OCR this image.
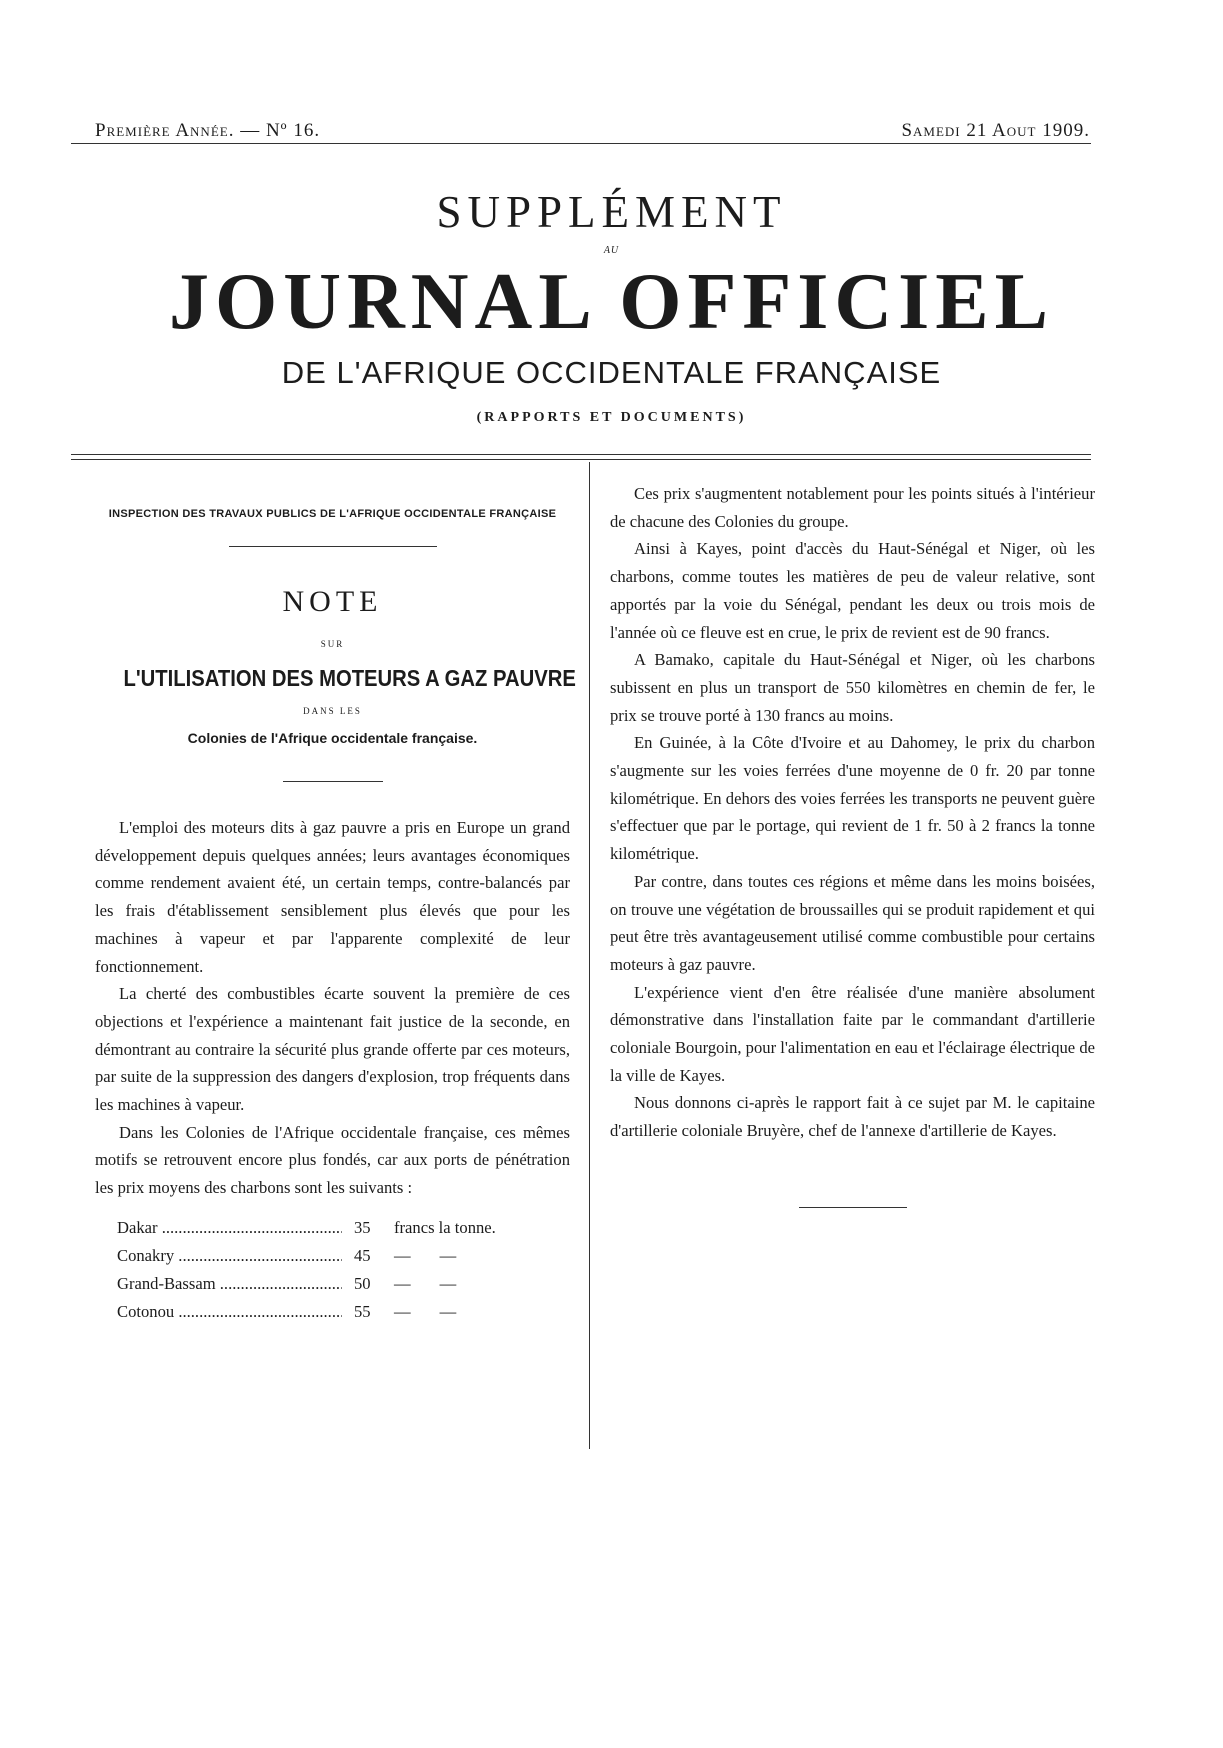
Première Année. — Nº 16.	Samedi 21 Aout 1909.
SUPPLÉMENT
AU
JOURNAL OFFICIEL
DE L'AFRIQUE OCCIDENTALE FRANÇAISE
(RAPPORTS ET DOCUMENTS)
INSPECTION DES TRAVAUX PUBLICS DE L'AFRIQUE OCCIDENTALE FRANÇAISE
NOTE
SUR
L'UTILISATION DES MOTEURS A GAZ PAUVRE
DANS LES
Colonies de l'Afrique occidentale française.

L'emploi des moteurs dits à gaz pauvre a pris en Europe un grand développement depuis quelques années; leurs avantages économiques comme rendement avaient été, un certain temps, contre-balancés par les frais d'établissement sensiblement plus élevés que pour les machines à vapeur et par l'apparente complexité de leur fonctionnement.

La cherté des combustibles écarte souvent la première de ces objections et l'expérience a maintenant fait justice de la seconde, en démontrant au contraire la sécurité plus grande offerte par ces moteurs, par suite de la suppression des dangers d'explosion, trop fréquents dans les machines à vapeur.

Dans les Colonies de l'Afrique occidentale française, ces mêmes motifs se retrouvent encore plus fondés, car aux ports de pénétration les prix moyens des charbons sont les suivants :

Dakar .....	35	francs la tonne.
Conakry .....	45	—       —
Grand-Bassam .....	50	—       —
Cotonou .....	55	—       —

Ces prix s'augmentent notablement pour les points situés à l'intérieur de chacune des Colonies du groupe.

Ainsi à Kayes, point d'accès du Haut-Sénégal et Niger, où les charbons, comme toutes les matières de peu de valeur relative, sont apportés par la voie du Sénégal, pendant les deux ou trois mois de l'année où ce fleuve est en crue, le prix de revient est de 90 francs.

A Bamako, capitale du Haut-Sénégal et Niger, où les charbons subissent en plus un transport de 550 kilomètres en chemin de fer, le prix se trouve porté à 130 francs au moins.

En Guinée, à la Côte d'Ivoire et au Dahomey, le prix du charbon s'augmente sur les voies ferrées d'une moyenne de 0 fr. 20 par tonne kilométrique. En dehors des voies ferrées les transports ne peuvent guère s'effectuer que par le portage, qui revient de 1 fr. 50 à 2 francs la tonne kilométrique.

Par contre, dans toutes ces régions et même dans les moins boisées, on trouve une végétation de broussailles qui se produit rapidement et qui peut être très avantageusement utilisé comme combustible pour certains moteurs à gaz pauvre.

L'expérience vient d'en être réalisée d'une manière absolument démonstrative dans l'installation faite par le commandant d'artillerie coloniale Bourgoin, pour l'alimentation en eau et l'éclairage électrique de la ville de Kayes.

Nous donnons ci-après le rapport fait à ce sujet par M. le capitaine d'artillerie coloniale Bruyère, chef de l'annexe d'artillerie de Kayes.
